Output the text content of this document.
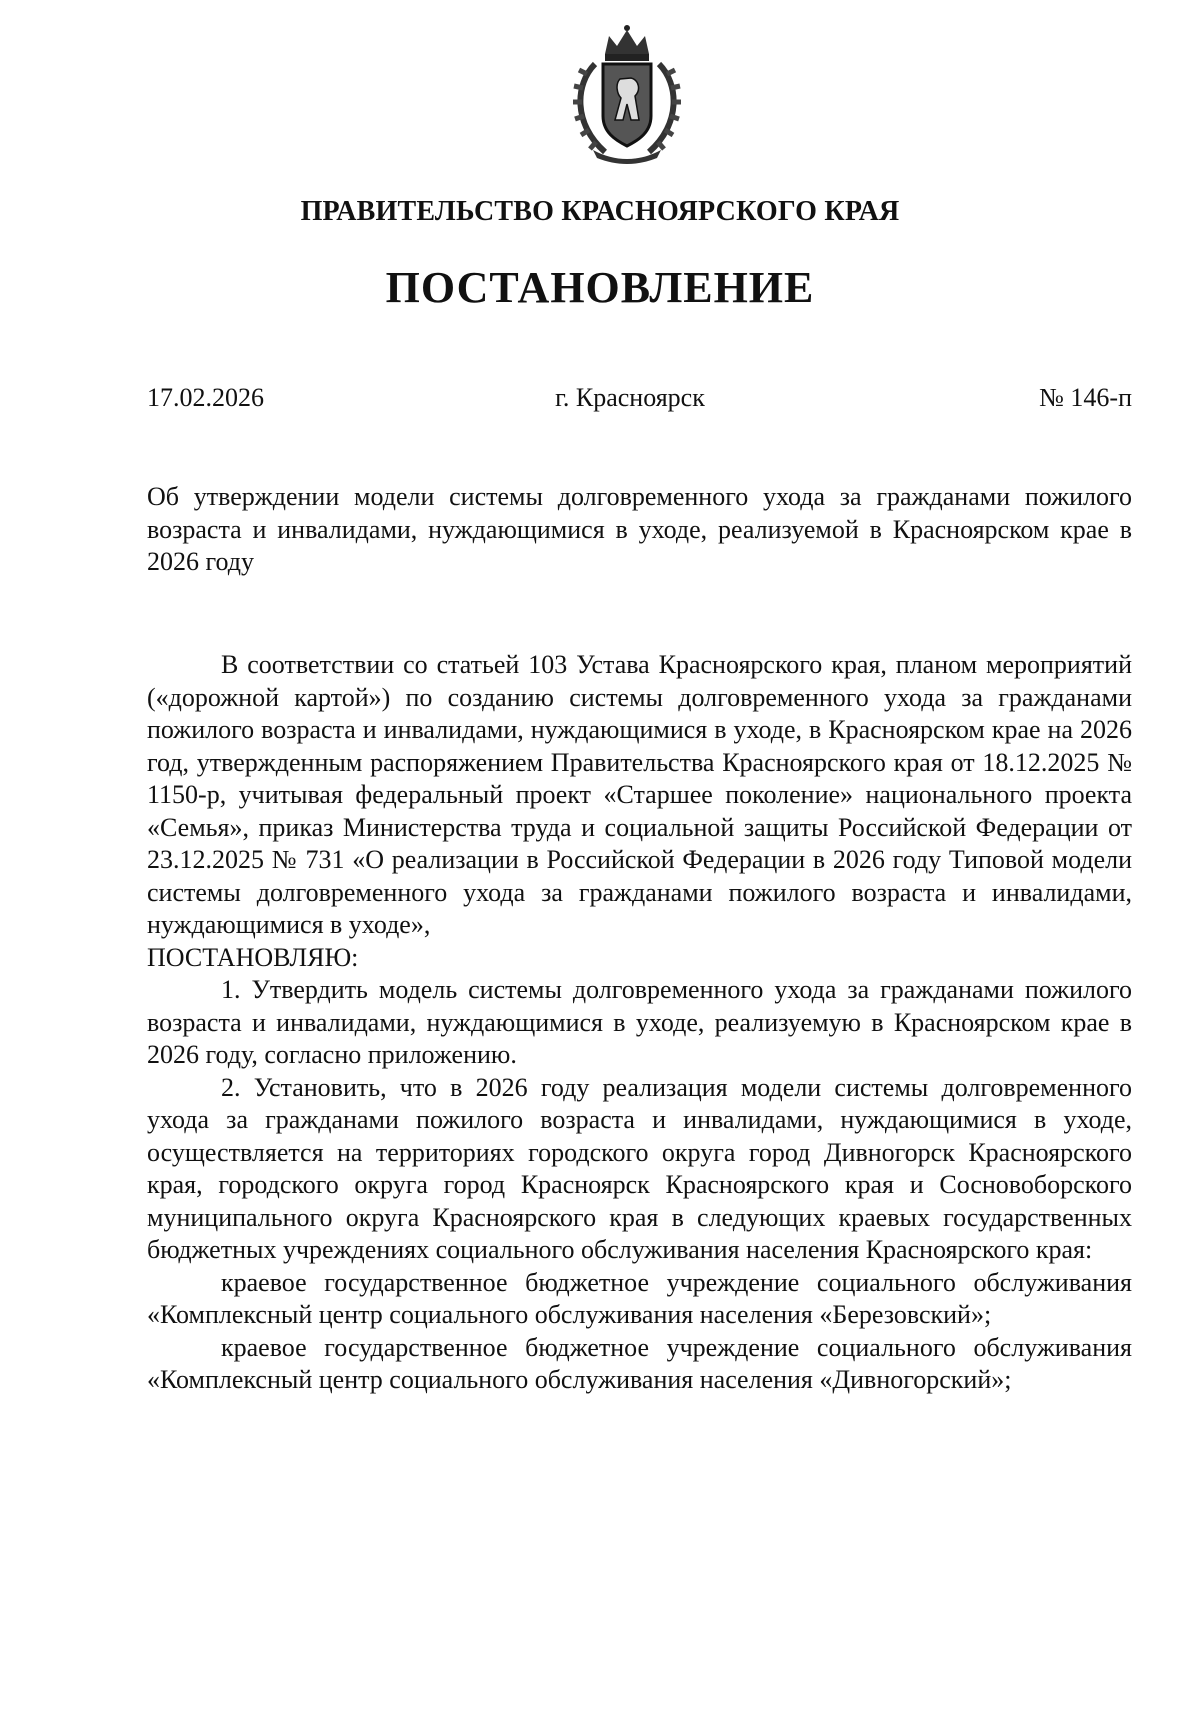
ПРАВИТЕЛЬСТВО КРАСНОЯРСКОГО КРАЯ
ПОСТАНОВЛЕНИЕ
17.02.2026	г. Красноярск	№ 146-п
Об утверждении модели системы долговременного ухода за гражданами пожилого возраста и инвалидами, нуждающимися в уходе, реализуемой в Красноярском крае в 2026 году

В соответствии со статьей 103 Устава Красноярского края, планом мероприятий («дорожной картой») по созданию системы долговременного ухода за гражданами пожилого возраста и инвалидами, нуждающимися в уходе, в Красноярском крае на 2026 год, утвержденным распоряжением Правительства Красноярского края от 18.12.2025 № 1150-р, учитывая федеральный проект «Старшее поколение» национального проекта «Семья», приказ Министерства труда и социальной защиты Российской Федерации от 23.12.2025 № 731 «О реализации в Российской Федерации в 2026 году Типовой модели системы долговременного ухода за гражданами пожилого возраста и инвалидами, нуждающимися в уходе»,

ПОСТАНОВЛЯЮ:

1. Утвердить модель системы долговременного ухода за гражданами пожилого возраста и инвалидами, нуждающимися в уходе, реализуемую в Красноярском крае в 2026 году, согласно приложению.

2. Установить, что в 2026 году реализация модели системы долговременного ухода за гражданами пожилого возраста и инвалидами, нуждающимися в уходе, осуществляется на территориях городского округа город Дивногорск Красноярского края, городского округа город Красноярск Красноярского края и Сосновоборского муниципального округа Красноярского края в следующих краевых государственных бюджетных учреждениях социального обслуживания населения Красноярского края:

краевое государственное бюджетное учреждение социального обслуживания «Комплексный центр социального обслуживания населения «Березовский»;

краевое государственное бюджетное учреждение социального обслуживания «Комплексный центр социального обслуживания населения «Дивногорский»;
